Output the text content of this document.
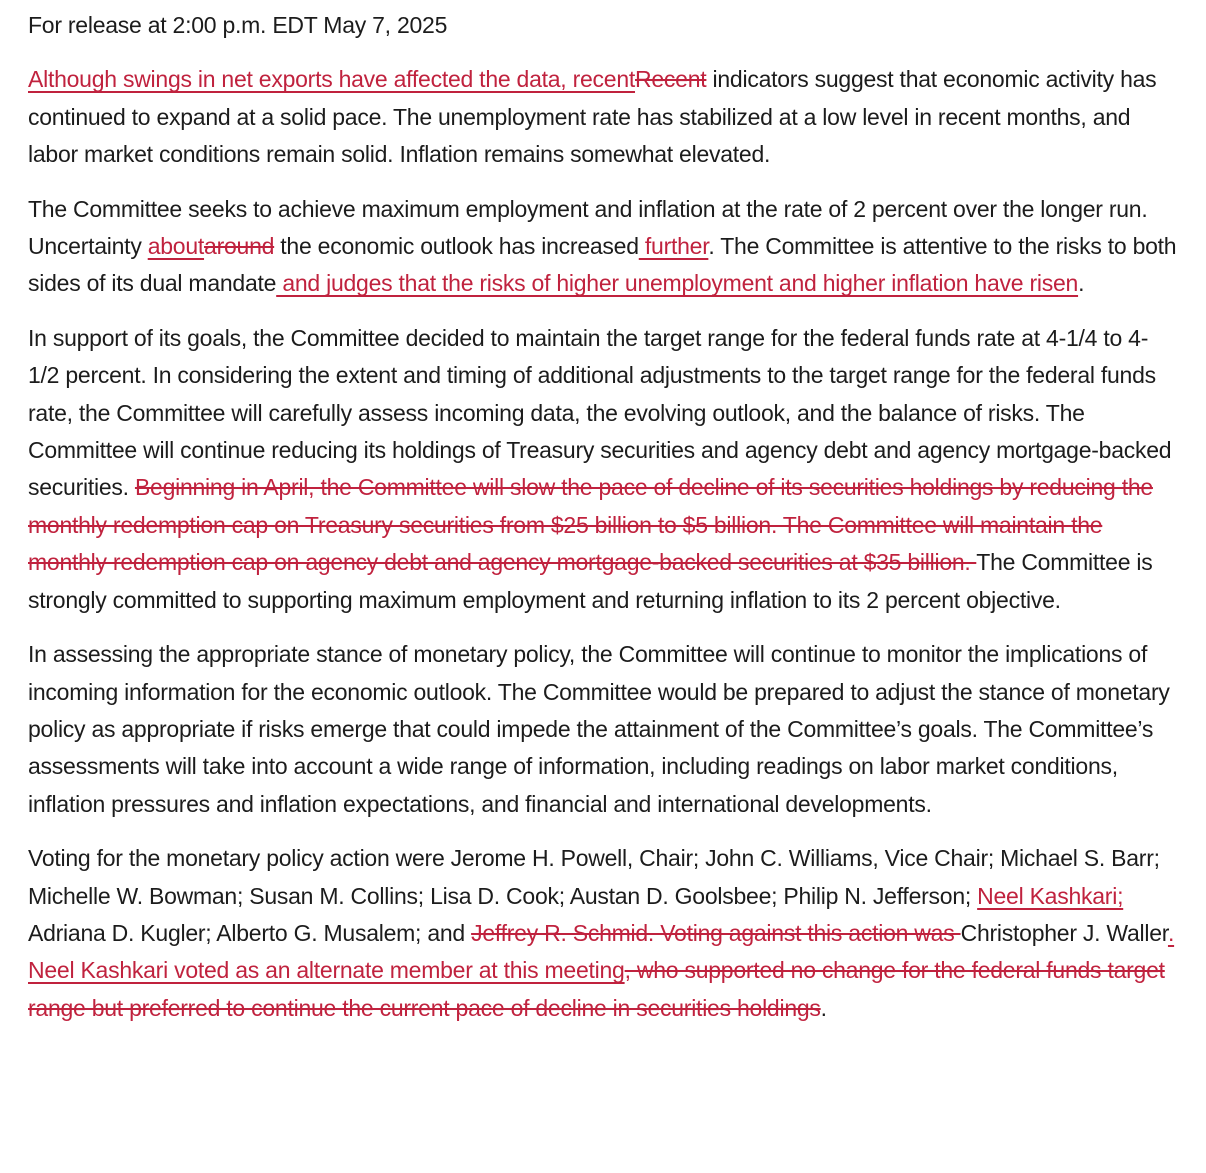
For release at 2:00 p.m. EDT May 7, 2025

Although swings in net exports have affected the data, recentRecent indicators suggest that economic activity has continued to expand at a solid pace. The unemployment rate has stabilized at a low level in recent months, and labor market conditions remain solid. Inflation remains somewhat elevated.

The Committee seeks to achieve maximum employment and inflation at the rate of 2 percent over the longer run. Uncertainty aboutaround the economic outlook has increased further. The Committee is attentive to the risks to both sides of its dual mandate and judges that the risks of higher unemployment and higher inflation have risen.

In support of its goals, the Committee decided to maintain the target range for the federal funds rate at 4-1/4 to 4-1/2 percent. In considering the extent and timing of additional adjustments to the target range for the federal funds rate, the Committee will carefully assess incoming data, the evolving outlook, and the balance of risks. The Committee will continue reducing its holdings of Treasury securities and agency debt and agency mortgage-backed securities. Beginning in April, the Committee will slow the pace of decline of its securities holdings by reducing the monthly redemption cap on Treasury securities from $25 billion to $5 billion. The Committee will maintain the monthly redemption cap on agency debt and agency mortgage-backed securities at $35 billion. The Committee is strongly committed to supporting maximum employment and returning inflation to its 2 percent objective.

In assessing the appropriate stance of monetary policy, the Committee will continue to monitor the implications of incoming information for the economic outlook. The Committee would be prepared to adjust the stance of monetary policy as appropriate if risks emerge that could impede the attainment of the Committee’s goals. The Committee’s assessments will take into account a wide range of information, including readings on labor market conditions, inflation pressures and inflation expectations, and financial and international developments.

Voting for the monetary policy action were Jerome H. Powell, Chair; John C. Williams, Vice Chair; Michael S. Barr; Michelle W. Bowman; Susan M. Collins; Lisa D. Cook; Austan D. Goolsbee; Philip N. Jefferson; Neel Kashkari; Adriana D. Kugler; Alberto G. Musalem; and Jeffrey R. Schmid. Voting against this action was Christopher J. Waller. Neel Kashkari voted as an alternate member at this meeting, who supported no change for the federal funds target range but preferred to continue the current pace of decline in securities holdings.
